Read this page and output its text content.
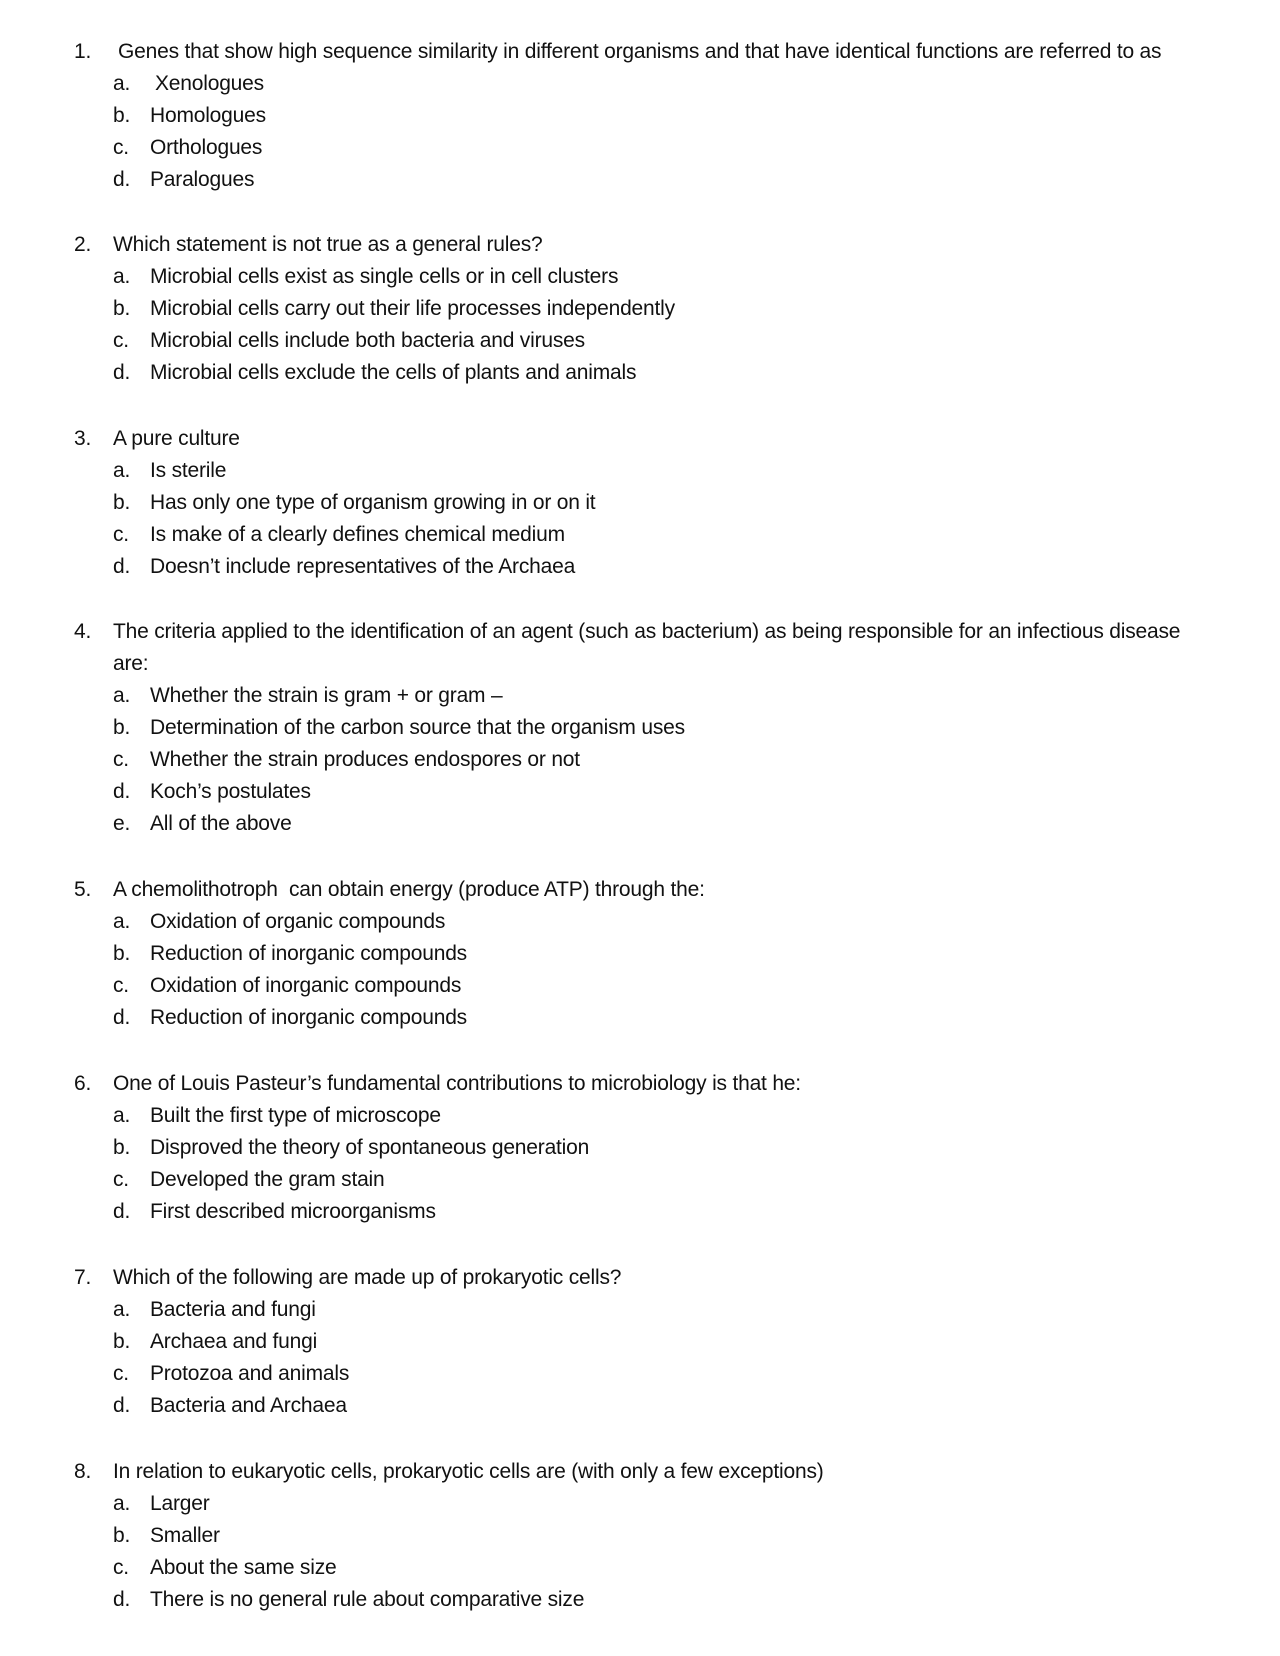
1. Genes that show high sequence similarity in different organisms and that have identical functions are referred to as
a. Xenologues
b. Homologues
c. Orthologues
d. Paralogues
2. Which statement is not true as a general rules?
a. Microbial cells exist as single cells or in cell clusters
b. Microbial cells carry out their life processes independently
c. Microbial cells include both bacteria and viruses
d. Microbial cells exclude the cells of plants and animals
3. A pure culture
a. Is sterile
b. Has only one type of organism growing in or on it
c. Is make of a clearly defines chemical medium
d. Doesn’t include representatives of the Archaea
4. The criteria applied to the identification of an agent (such as bacterium) as being responsible for an infectious disease are:
a. Whether the strain is gram + or gram –
b. Determination of the carbon source that the organism uses
c. Whether the strain produces endospores or not
d. Koch’s postulates
e. All of the above
5. A chemolithotroph  can obtain energy (produce ATP) through the:
a. Oxidation of organic compounds
b. Reduction of inorganic compounds
c. Oxidation of inorganic compounds
d. Reduction of inorganic compounds
6. One of Louis Pasteur’s fundamental contributions to microbiology is that he:
a. Built the first type of microscope
b. Disproved the theory of spontaneous generation
c. Developed the gram stain
d. First described microorganisms
7. Which of the following are made up of prokaryotic cells?
a. Bacteria and fungi
b. Archaea and fungi
c. Protozoa and animals
d. Bacteria and Archaea
8. In relation to eukaryotic cells, prokaryotic cells are (with only a few exceptions)
a. Larger
b. Smaller
c. About the same size
d. There is no general rule about comparative size
